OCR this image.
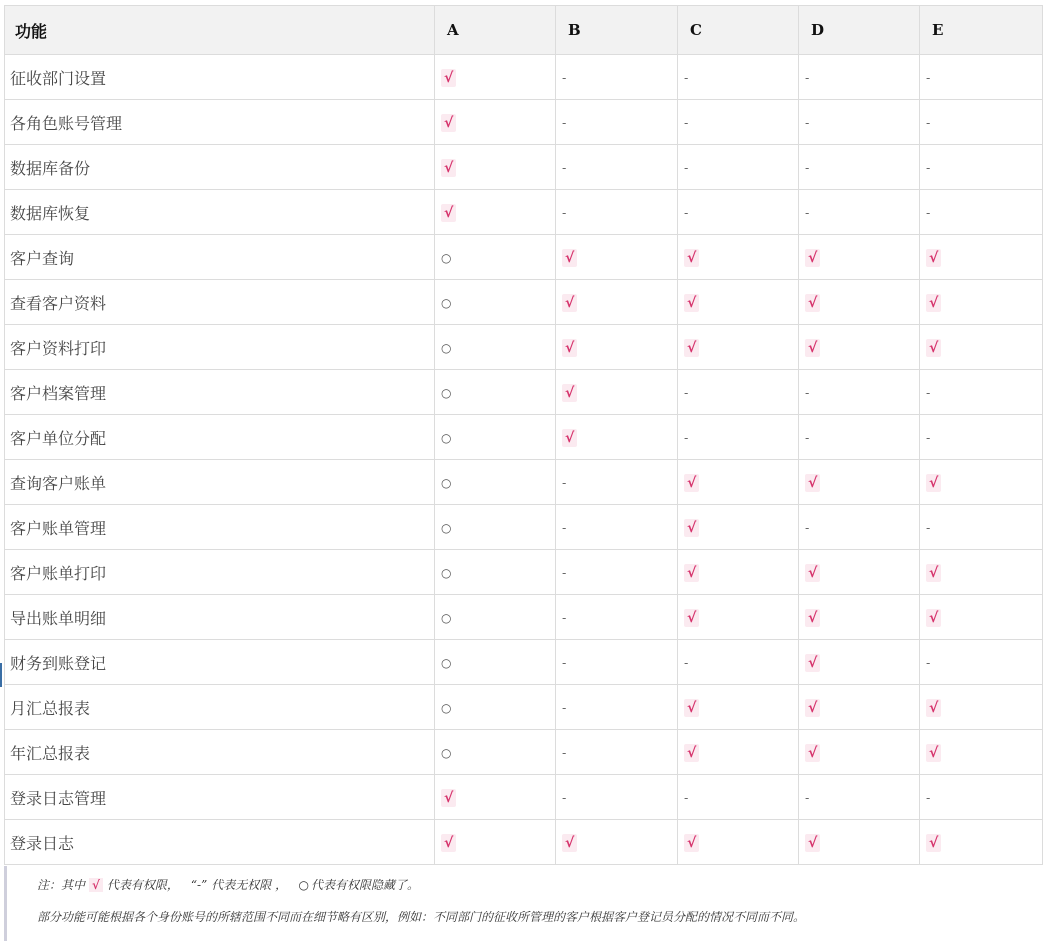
功能	A	B	C	D	E
征收部门设置	√	-	-	-	-
各角色账号管理	√	-	-	-	-
数据库备份	√	-	-	-	-
数据库恢复	√	-	-	-	-
客户查询	○	√	√	√	√
查看客户资料	○	√	√	√	√
客户资料打印	○	√	√	√	√
客户档案管理	○	√	-	-	-
客户单位分配	○	√	-	-	-
查询客户账单	○	-	√	√	√
客户账单管理	○	-	√	-	-
客户账单打印	○	-	√	√	√
导出账单明细	○	-	√	√	√
财务到账登记	○	-	-	√	-
月汇总报表	○	-	√	√	√
年汇总报表	○	-	√	√	√
登录日志管理	√	-	-	-	-
登录日志	√	√	√	√	√
注：其中 √ 代表有权限， “-” 代表无权限 ， ○ 代表有权限隐藏了。
部分功能可能根据各个身份账号的所辖范围不同而在细节略有区别，例如：不同部门的征收所管理的客户根据客户登记员分配的情况不同而不同。
